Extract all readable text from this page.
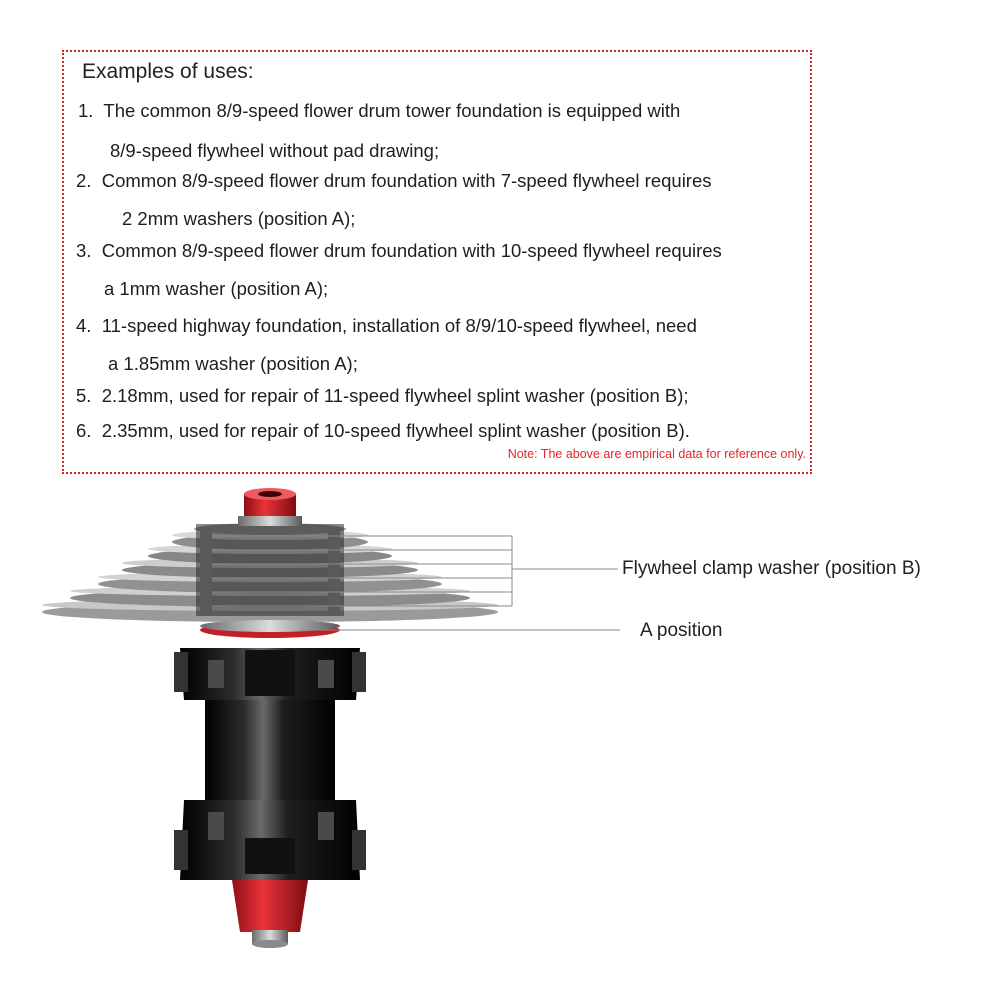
Examples of uses:
1. The common 8/9-speed flower drum tower foundation is equipped with
8/9-speed flywheel without pad drawing;
2. Common 8/9-speed flower drum foundation with 7-speed flywheel requires
2 2mm washers (position A);
3. Common 8/9-speed flower drum foundation with 10-speed flywheel requires
a 1mm washer (position A);
4. 11-speed highway foundation, installation of 8/9/10-speed flywheel, need
a 1.85mm washer (position A);
5. 2.18mm, used for repair of 11-speed flywheel splint washer (position B);
6. 2.35mm, used for repair of 10-speed flywheel splint washer (position B).
Note: The above are empirical data for reference only.
Flywheel clamp washer (position B)
A position
